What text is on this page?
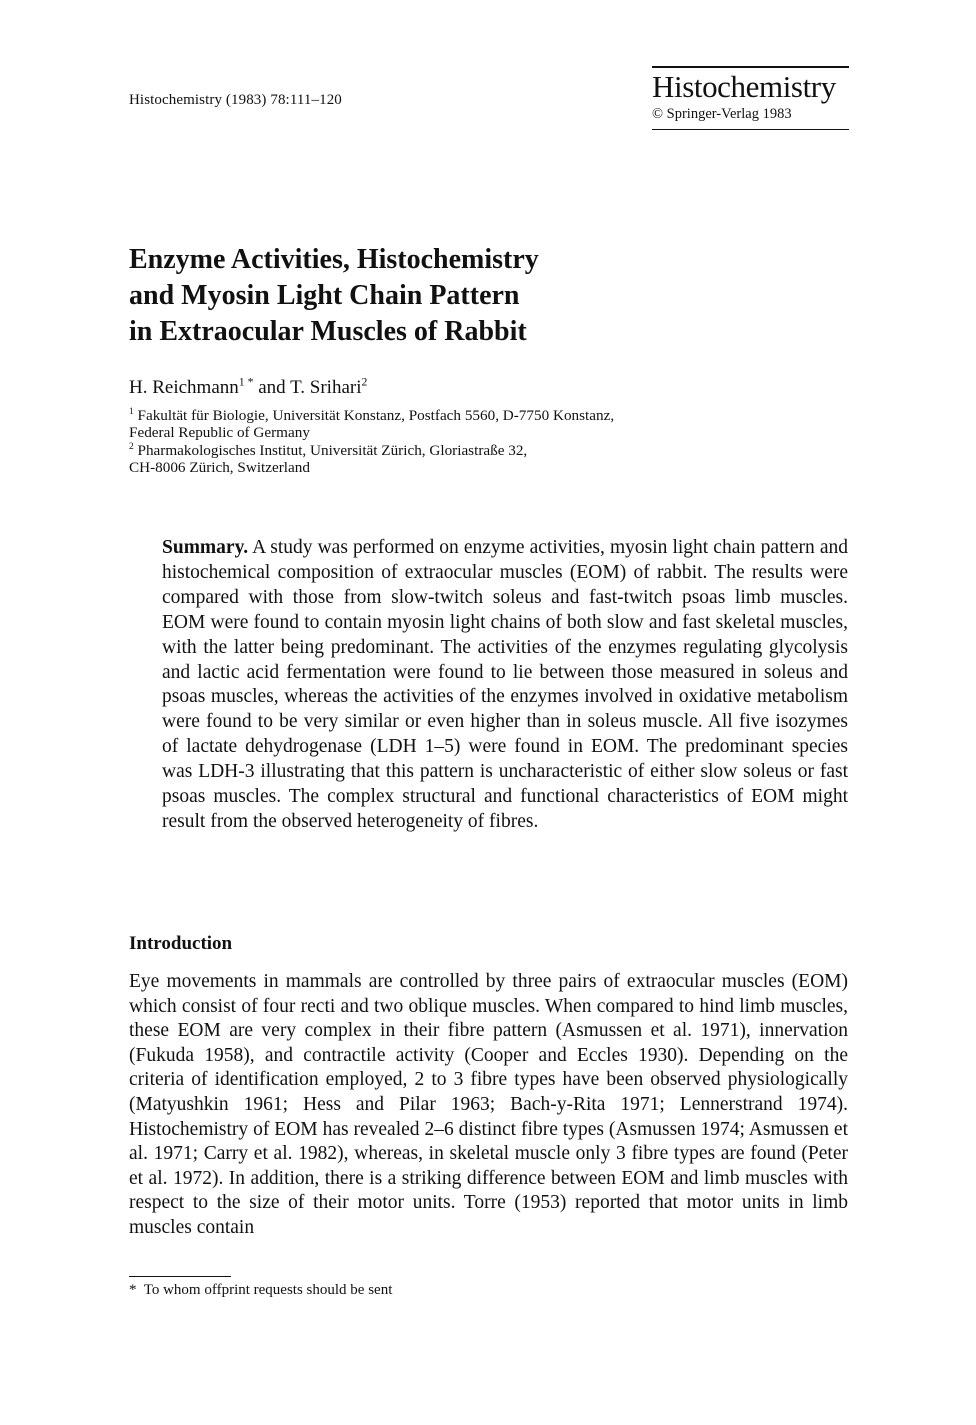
Histochemistry (1983) 78:111–120	Histochemistry
© Springer-Verlag 1983
Enzyme Activities, Histochemistry
and Myosin Light Chain Pattern
in Extraocular Muscles of Rabbit
H. Reichmann$^{1 *}$ and T. Srihari$^2$
$^1$ Fakultät für Biologie, Universität Konstanz, Postfach 5560, D-7750 Konstanz,
Federal Republic of Germany
$^2$ Pharmakologisches Institut, Universität Zürich, Gloriastraße 32,
CH-8006 Zürich, Switzerland

Summary. A study was performed on enzyme activities, myosin light chain pattern and histochemical composition of extraocular muscles (EOM) of rabbit. The results were compared with those from slow-twitch soleus and fast-twitch psoas limb muscles. EOM were found to contain myosin light chains of both slow and fast skeletal muscles, with the latter being predominant. The activities of the enzymes regulating glycolysis and lactic acid fermentation were found to lie between those measured in soleus and psoas muscles, whereas the activities of the enzymes involved in oxidative metabolism were found to be very similar or even higher than in soleus muscle. All five isozymes of lactate dehydrogenase (LDH 1–5) were found in EOM. The predominant species was LDH-3 illustrating that this pattern is uncharacteristic of either slow soleus or fast psoas muscles. The complex structural and functional characteristics of EOM might result from the observed heterogeneity of fibres.

Introduction

Eye movements in mammals are controlled by three pairs of extraocular muscles (EOM) which consist of four recti and two oblique muscles. When compared to hind limb muscles, these EOM are very complex in their fibre pattern (Asmussen et al. 1971), innervation (Fukuda 1958), and contractile activity (Cooper and Eccles 1930). Depending on the criteria of identification employed, 2 to 3 fibre types have been observed physiologically (Matyushkin 1961; Hess and Pilar 1963; Bach-y-Rita 1971; Lennerstrand 1974). Histochemistry of EOM has revealed 2–6 distinct fibre types (Asmussen 1974; Asmussen et al. 1971; Carry et al. 1982), whereas, in skeletal muscle only 3 fibre types are found (Peter et al. 1972). In addition, there is a striking difference between EOM and limb muscles with respect to the size of their motor units. Torre (1953) reported that motor units in limb muscles contain

* To whom offprint requests should be sent
